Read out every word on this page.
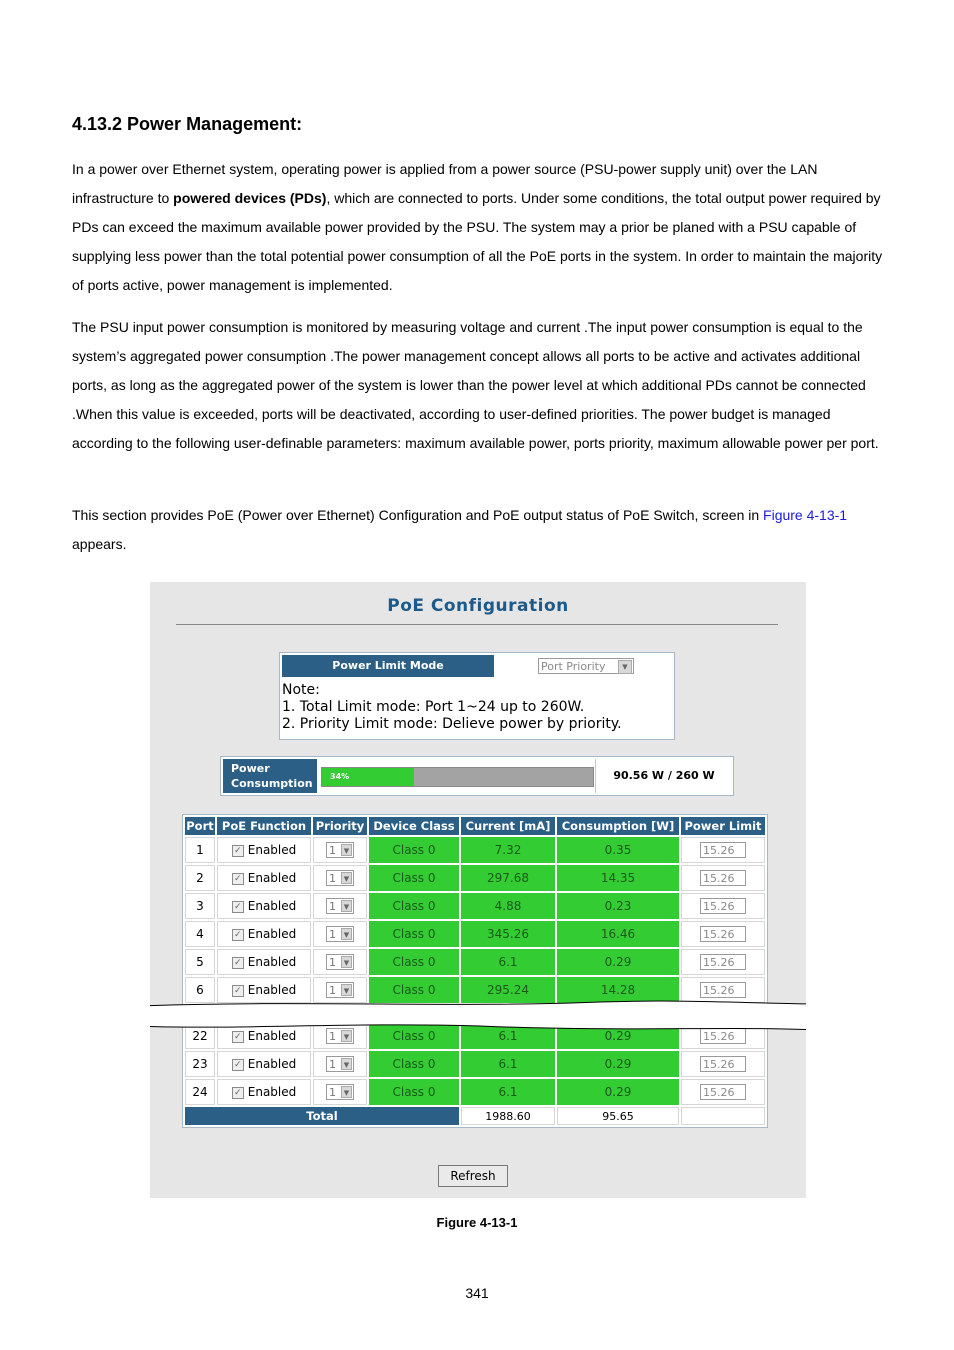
4.13.2 Power Management:

In a power over Ethernet system, operating power is applied from a power source (PSU-power supply unit) over the LAN infrastructure to powered devices (PDs), which are connected to ports. Under some conditions, the total output power required by PDs can exceed the maximum available power provided by the PSU. The system may a prior be planed with a PSU capable of supplying less power than the total potential power consumption of all the PoE ports in the system. In order to maintain the majority of ports active, power management is implemented.

The PSU input power consumption is monitored by measuring voltage and current .The input power consumption is equal to the system’s aggregated power consumption .The power management concept allows all ports to be active and activates additional ports, as long as the aggregated power of the system is lower than the power level at which additional PDs cannot be connected .When this value is exceeded, ports will be deactivated, according to user-defined priorities. The power budget is managed according to the following user-definable parameters: maximum available power, ports priority, maximum allowable power per port.

This section provides PoE (Power over Ethernet) Configuration and PoE output status of PoE Switch, screen in Figure 4-13-1
appears.

PoE Configuration
Power Limit Mode	Port Priority	▼
Note:
1. Total Limit mode: Port 1~24 up to 260W.
2. Priority Limit mode: Delieve power by priority.
Power
Consumption
34%	90.56 W / 260 W
Port	PoE Function	Priority	Device Class	Current [mA]	Consumption [W]	Power Limit
1	✓ Enabled	1 ▼	Class 0	7.32	0.35	15.26
2	✓ Enabled	1 ▼	Class 0	297.68	14.35	15.26
3	✓ Enabled	1 ▼	Class 0	4.88	0.23	15.26
4	✓ Enabled	1 ▼	Class 0	345.26	16.46	15.26
5	✓ Enabled	1 ▼	Class 0	6.1	0.29	15.26
6	✓ Enabled	1 ▼	Class 0	295.24	14.28	15.26

22	✓ Enabled	1 ▼	Class 0	6.1	0.29	15.26
23	✓ Enabled	1 ▼	Class 0	6.1	0.29	15.26
24	✓ Enabled	1 ▼	Class 0	6.1	0.29	15.26
Total				1988.60	95.65	
Refresh

Figure 4-13-1

341
